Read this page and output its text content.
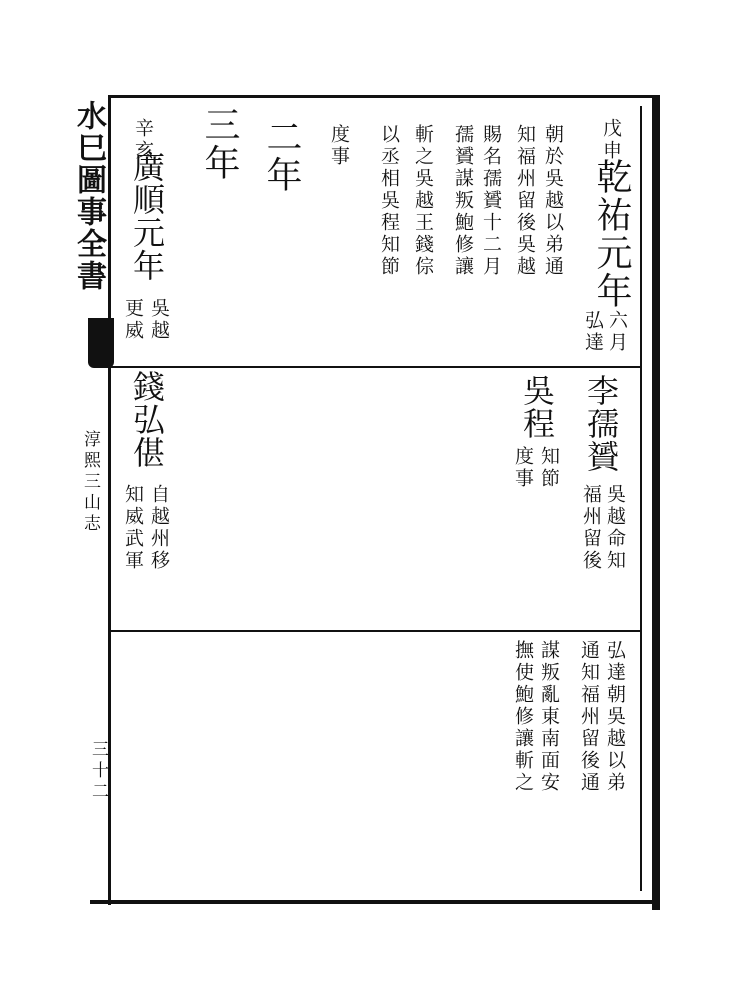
水巳圖事全書
淳熙三山志
三十二
戊申
乾祐元年
六月
弘達
朝於吳越以弟通
知福州留後吳越
賜名孺贇十二月
孺贇謀叛鮑修讓
斬之吳越王錢倧
以丞相吳程知節
度事
二年
三年
辛亥
廣順元年
吳越
更威
李孺贇
吳越命知
福州留後
吳程
知節
度事
錢弘偡
自越州移
知威武軍
弘達朝吳越以弟
通知福州留後通
謀叛亂東南面安
撫使鮑修讓斬之
